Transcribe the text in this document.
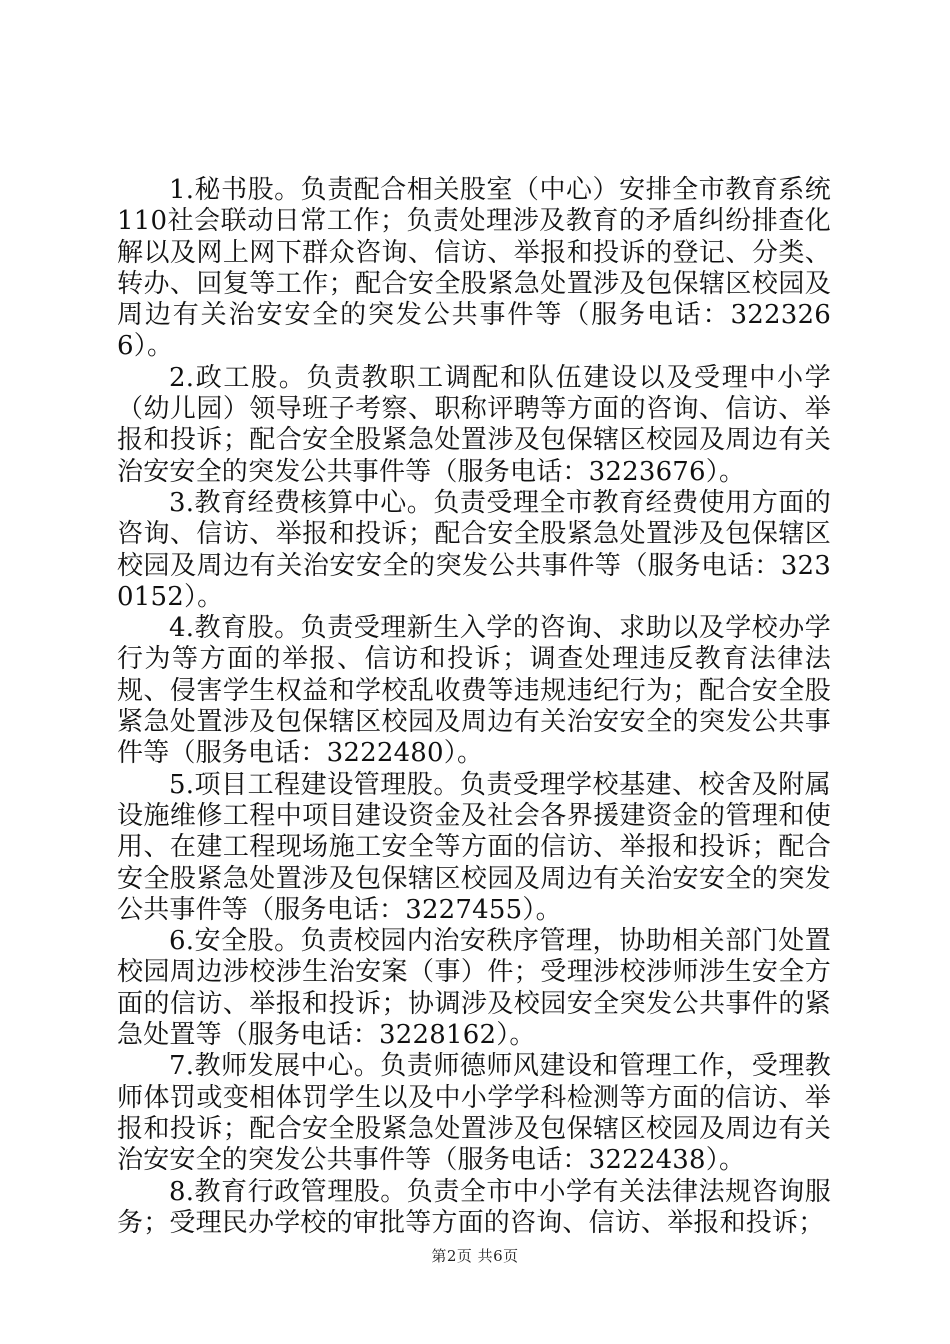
1.秘书股。负责配合相关股室（中心）安排全市教育系统110社会联动日常工作；负责处理涉及教育的矛盾纠纷排查化解以及网上网下群众咨询、信访、举报和投诉的登记、分类、转办、回复等工作；配合安全股紧急处置涉及包保辖区校园及周边有关治安安全的突发公共事件等（服务电话：3223266）。

2.政工股。负责教职工调配和队伍建设以及受理中小学（幼儿园）领导班子考察、职称评聘等方面的咨询、信访、举报和投诉；配合安全股紧急处置涉及包保辖区校园及周边有关治安安全的突发公共事件等（服务电话：3223676）。

3.教育经费核算中心。负责受理全市教育经费使用方面的咨询、信访、举报和投诉；配合安全股紧急处置涉及包保辖区校园及周边有关治安安全的突发公共事件等（服务电话：3230152）。

4.教育股。负责受理新生入学的咨询、求助以及学校办学行为等方面的举报、信访和投诉；调查处理违反教育法律法规、侵害学生权益和学校乱收费等违规违纪行为；配合安全股紧急处置涉及包保辖区校园及周边有关治安安全的突发公共事件等（服务电话：3222480）。

5.项目工程建设管理股。负责受理学校基建、校舍及附属设施维修工程中项目建设资金及社会各界援建资金的管理和使用、在建工程现场施工安全等方面的信访、举报和投诉；配合安全股紧急处置涉及包保辖区校园及周边有关治安安全的突发公共事件等（服务电话：3227455）。

6.安全股。负责校园内治安秩序管理，协助相关部门处置校园周边涉校涉生治安案（事）件；受理涉校涉师涉生安全方面的信访、举报和投诉；协调涉及校园安全突发公共事件的紧急处置等（服务电话：3228162）。

7.教师发展中心。负责师德师风建设和管理工作，受理教师体罚或变相体罚学生以及中小学学科检测等方面的信访、举报和投诉；配合安全股紧急处置涉及包保辖区校园及周边有关治安安全的突发公共事件等（服务电话：3222438）。

8.教育行政管理股。负责全市中小学有关法律法规咨询服务；受理民办学校的审批等方面的咨询、信访、举报和投诉；

第2页 共6页
